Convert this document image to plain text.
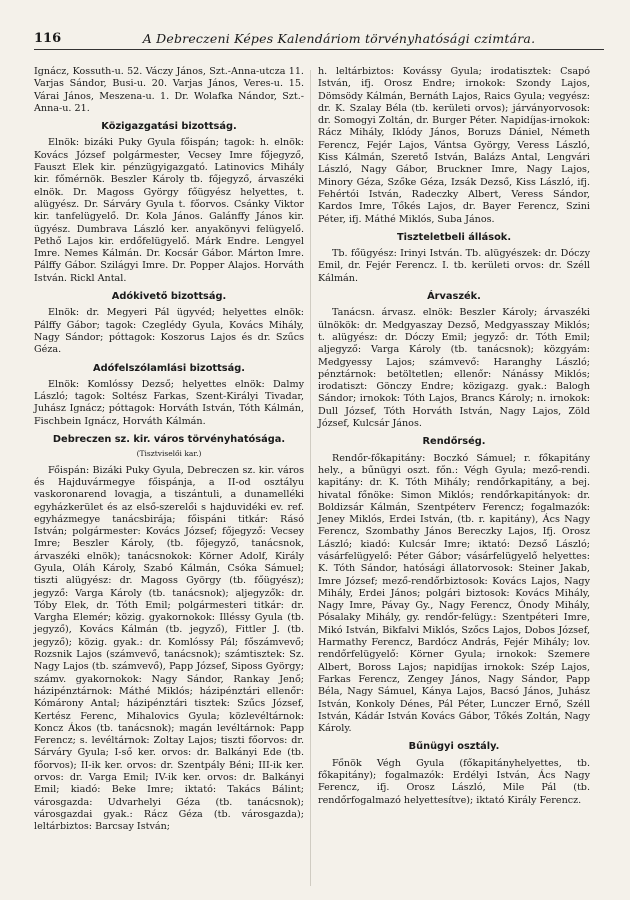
116	A Debreczeni Képes Kalendáriom törvényhatósági czimtára.

Ignácz, Kossuth-u. 52. Váczy János, Szt.-Anna-utcza 11. Varjas Sándor, Busi-u. 20. Varjas János, Veres-u. 15. Várai János, Meszena-u. 1. Dr. Wolafka Nándor, Szt.-Anna-u. 21.

Közigazgatási bizottság.

Elnök: bizáki Puky Gyula főispán; tagok: h. elnök: Kovács József polgármester, Vecsey Imre főjegyző, Fauszt Elek kir. pénzügyigazgató. Latinovics Mihály kir. főmérnök. Beszler Károly tb. főjegyző, árvaszéki elnök. Dr. Magoss György főügyész helyettes, t. alügyész. Dr. Sárváry Gyula t. főorvos. Csánky Viktor kir. tanfelügyelő. Dr. Kola János. Galánffy János kir. ügyész. Dumbrava László ker. anyakönyvi felügyelő. Pethő Lajos kir. erdőfelügyelő. Márk Endre. Lengyel Imre. Nemes Kálmán. Dr. Kocsár Gábor. Márton Imre. Pálffy Gábor. Szilágyi Imre. Dr. Popper Alajos. Horváth István. Rickl Antal.

Adókivető bizottság.

Elnök: dr. Megyeri Pál ügyvéd; helyettes elnök: Pálffy Gábor; tagok: Czeglédy Gyula, Kovács Mihály, Nagy Sándor; póttagok: Koszorus Lajos és dr. Szűcs Géza.

Adófelszólamlási bizottság.

Elnök: Komlóssy Dezső; helyettes elnök: Dalmy László; tagok: Soltész Farkas, Szent-Királyi Tivadar, Juhász Ignácz; póttagok: Horváth István, Tóth Kálmán, Fischbein Ignácz, Horváth Kálmán.

Debreczen sz. kir. város törvényhatósága.
(Tisztviselői kar.)

Főispán: Bizáki Puky Gyula, Debreczen sz. kir. város és Hajduvármegye főispánja, a II-od osztályu vaskoronarend lovagja, a tiszántuli, a dunamelléki egyházkerület és az első-szerelői s hajduvidéki ev. ref. egyházmegye tanácsbirája; főispáni titkár: Rásó István; polgármester: Kovács József; főjegyző: Vecsey Imre; Beszler Károly, (tb. főjegyző, tanácsnok, árvaszéki elnök); tanácsnokok: Körner Adolf, Király Gyula, Oláh Károly, Szabó Kálmán, Csóka Sámuel; tiszti alügyész: dr. Magoss György (tb. főügyész); jegyző: Varga Károly (tb. tanácsnok); aljegyzők: dr. Tóby Elek, dr. Tóth Emil; polgármesteri titkár: dr. Vargha Elemér; közig. gyakornokok: Illéssy Gyula (tb. jegyző), Kovács Kálmán (tb. jegyző), Fittler J. (tb. jegyző); közig. gyak.: dr. Komlóssy Pál; főszámvevő; Rozsnik Lajos (számvevő, tanácsnok); számtisztek: Sz. Nagy Lajos (tb. számvevő), Papp József, Siposs György; számv. gyakornokok: Nagy Sándor, Rankay Jenő; házipénztárnok: Máthé Miklós; házipénztári ellenőr: Kómárony Antal; házipénztári tisztek: Szűcs József, Kertész Ferenc, Mihalovics Gyula; közlevéltárnok: Koncz Ákos (tb. tanácsnok); magán levéltárnok: Papp Ferencz; s. levéltárnok: Zoltay Lajos; tiszti főorvos: dr. Sárváry Gyula; I-ső ker. orvos: dr. Balkányi Ede (tb. főorvos); II-ik ker. orvos: dr. Szentpály Béni; III-ik ker. orvos: dr. Varga Emil; IV-ik ker. orvos: dr. Balkányi Emil; kiadó: Beke Imre; iktató: Takács Bálint; városgazda: Udvarhelyi Géza (tb. tanácsnok); városgazdai gyak.: Rácz Géza (tb. városgazda); leltárbiztos: Barcsay István;

h. leltárbiztos: Kovássy Gyula; irodatisztek: Csapó István, ifj. Orosz Endre; irnokok: Szondy Lajos, Dömsödy Kálmán, Bernáth Lajos, Raics Gyula; vegyész: dr. K. Szalay Béla (tb. kerületi orvos); járványorvosok: dr. Somogyi Zoltán, dr. Burger Péter. Napidíjas-irnokok: Rácz Mihály, Iklódy János, Boruzs Dániel, Németh Ferencz, Fejér Lajos, Vántsa György, Veress László, Kiss Kálmán, Szerető István, Balázs Antal, Lengvári László, Nagy Gábor, Bruckner Imre, Nagy Lajos, Minory Géza, Szőke Géza, Izsák Dezső, Kiss László, ifj. Fehértói István, Radeczky Albert, Veress Sándor, Kardos Imre, Tőkés Lajos, dr. Bayer Ferencz, Szini Péter, ifj. Máthé Miklós, Suba János.

Tiszteletbeli állások.

Tb. főügyész: Irinyi István. Tb. alügyészek: dr. Dóczy Emil, dr. Fejér Ferencz. I. tb. kerületi orvos: dr. Széll Kálmán.

Árvaszék.

Tanácsn. árvasz. elnök: Beszler Károly; árvaszéki ülnökök: dr. Medgyaszay Dezső, Medgyasszay Miklós; t. alügyész: dr. Dóczy Emil; jegyző: dr. Tóth Emil; aljegyző: Varga Károly (tb. tanácsnok); közgyám: Medgyessy Lajos; számvevő: Haranghy László; pénztárnok: betöltetlen; ellenőr: Nánássy Miklós; irodatiszt: Gönczy Endre; közigazg. gyak.: Balogh Sándor; irnokok: Tóth Lajos, Brancs Károly; n. irnokok: Dull József, Tóth Horváth István, Nagy Lajos, Zöld József, Kulcsár János.

Rendőrség.

Rendőr-főkapitány: Boczkó Sámuel; r. főkapitány hely., a bűnügyi oszt. főn.: Végh Gyula; mező-rendi. kapitány: dr. K. Tóth Mihály; rendőrkapitány, a bej. hivatal főnöke: Simon Miklós; rendőrkapitányok: dr. Boldizsár Kálmán, Szentpéterv Ferencz; fogalmazók: Jeney Miklós, Erdei István, (tb. r. kapitány), Ács Nagy Ferencz, Szombathy János Bereczky Lajos, Ifj. Orosz László; kiadó: Kulcsár Imre; iktató: Dezső László; vásárfelügyelő: Péter Gábor; vásárfelügyelő helyettes: K. Tóth Sándor, hatósági állatorvosok: Steiner Jakab, Imre József; mező-rendőrbiztosok: Kovács Lajos, Nagy Mihály, Erdei János; polgári biztosok: Kovács Mihály, Nagy Imre, Pávay Gy., Nagy Ferencz, Ónody Mihály, Pósalaky Mihály, gy. rendőr-felügy.: Szentpéteri Imre, Mikó István, Bikfalvi Miklós, Szőcs Lajos, Dobos József, Harmathy Ferencz, Bardócz András, Fejér Mihály; lov. rendőrfelügyelő: Körner Gyula; irnokok: Szemere Albert, Boross Lajos; napidíjas irnokok: Szép Lajos, Farkas Ferencz, Zengey János, Nagy Sándor, Papp Béla, Nagy Sámuel, Kánya Lajos, Bacsó János, Juhász István, Konkoly Dénes, Pál Péter, Lunczer Ernő, Széll István, Kádár István Kovács Gábor, Tőkés Zoltán, Nagy Károly.

Bűnügyi osztály.

Főnök Végh Gyula (főkapitányhelyettes, tb. főkapitány); fogalmazók: Erdélyi István, Ács Nagy Ferencz, ifj. Orosz László, Mile Pál (tb. rendőrfogalmazó helyettesítve); iktató Király Ferencz.
